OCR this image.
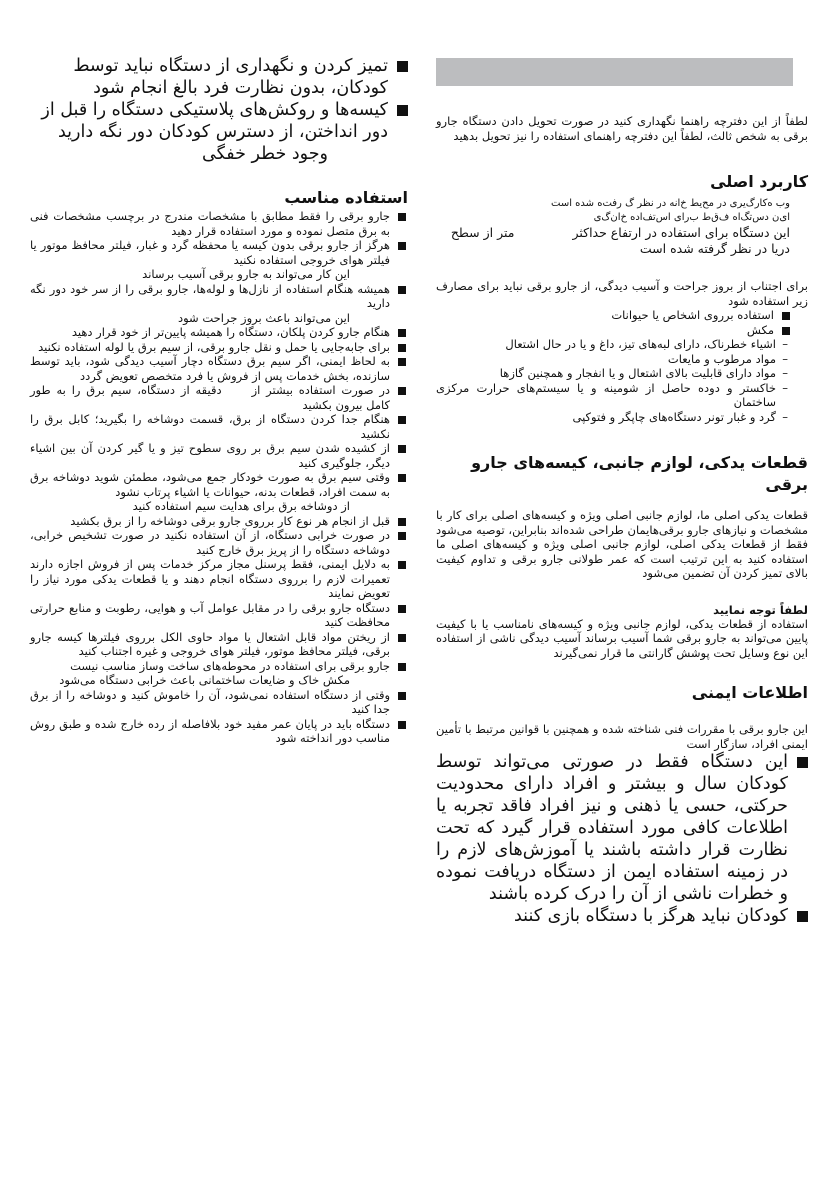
تمیز کردن و نگهداری از دستگاه نباید توسط کودکان، بدون نظارت فرد بالغ انجام شود
کیسه‌ها و روکش‌های پلاستیکی دستگاه را قبل از دور انداختن، از دسترس کودکان دور نگه دارید

وجود خطر خفگی

استفاده مناسب
جارو برقی را فقط مطابق با مشخصات مندرج در برچسب مشخصات فنی به برق متصل نموده و مورد استفاده قرار دهید
هرگز از جارو برقی بدون کیسه یا محفظه گرد و غبار، فیلتر محافظ موتور یا فیلتر هوای خروجی استفاده نکنید
این کار می‌تواند به جارو برقی آسیب برساند
همیشه هنگام استفاده از نازل‌ها و لوله‌ها، جارو برقی را از سر خود دور نگه دارید
این می‌تواند باعث بروز جراحت شود
هنگام جارو کردن پلکان، دستگاه را همیشه پایین‌تر از خود قرار دهید
برای جابه‌جایی یا حمل و نقل جارو برقی، از سیم برق یا لوله استفاده نکنید
به لحاظ ایمنی، اگر سیم برق دستگاه دچار آسیب دیدگی شود، باید توسط سازنده، بخش خدمات پس از فروش یا فرد متخصص تعویض گردد
در صورت استفاده بیشتر ازدقیقه از دستگاه، سیم برق را به طور کامل بیرون بکشید
هنگام جدا کردن دستگاه از برق، قسمت دوشاخه را بگیرید؛ کابل برق را نکشید
از کشیده شدن سیم برق بر روی سطوح تیز و یا گیر کردن آن بین اشیاء دیگر، جلوگیری کنید
وقتی سیم برق به صورت خودکار جمع می‌شود، مطمئن شوید دوشاخه برق به سمت افراد، قطعات بدنه، حیوانات یا اشیاء پرتاب نشود
از دوشاخه برق برای هدایت سیم استفاده کنید
قبل از انجام هر نوع کار برروی جارو برقی دوشاخه را از برق بکشید
در صورت خرابی دستگاه، از آن استفاده نکنید در صورت تشخیص خرابی، دوشاخه دستگاه را از پریز برق خارج کنید
به دلایل ایمنی، فقط پرسنل مجاز مرکز خدمات پس از فروش اجازه دارند تعمیرات لازم را برروی دستگاه انجام دهند و یا قطعات یدکی مورد نیاز را تعویض نمایند
دستگاه جارو برقی را در مقابل عوامل آب و هوایی، رطوبت و منابع حرارتی محافظت کنید
از ریختن مواد قابل اشتعال یا مواد حاوی الکل برروی فیلترها کیسه جارو برقی، فیلتر محافظ موتور، فیلتر هوای خروجی و غیره اجتناب کنید
جارو برقی برای استفاده در محوطه‌های ساخت وساز مناسب نیست
مکش خاک و ضایعات ساختمانی باعث خرابی دستگاه می‌شود
وقتی از دستگاه استفاده نمی‌شود، آن را خاموش کنید و دوشاخه را از برق جدا کنید
دستگاه باید در پایان عمر مفید خود بلافاصله از رده خارج شده و طبق روش مناسب دور انداخته شود

لطفاً از این دفترچه راهنما نگهداری کنید در صورت تحویل دادن دستگاه جارو برقی به شخص ثالث، لطفاً این دفترچه راهنمای استفاده را نیز تحویل بدهید

کاربرد اصلی

وب ه‌کارگ‌یری در مح‌یط خ‌انه در نظر گ رفت‌ه شده است

ای‌ن دس‌تگ‌اه ف‌ق‌ط ب‌رای اس‌تف‌اده خ‌ان‌گ‌ی

این دستگاه برای استفاده در ارتفاع حداکثرمتر از سطح

دریا در نظر گرفته شده است

برای اجتناب از بروز جراحت و آسیب دیدگی، از جارو برقی نباید برای مصارف زیر استفاده شود

استفاده برروی اشخاص یا حیوانات
مکش
– اشیاء خطرناک، دارای لبه‌های تیز، داغ و یا در حال اشتعال
– مواد مرطوب و مایعات
– مواد دارای قابلیت بالای اشتعال و یا انفجار و همچنین گازها
– خاکستر و دوده حاصل از شومینه و یا سیستم‌های حرارت مرکزی ساختمان
– گرد و غبار تونر دستگاه‌های چاپگر و فتوکپی
قطعات یدکی، لوازم جانبی، کیسه‌های جارو برقی

قطعات یدکی اصلی ما، لوازم جانبی اصلی ویژه و کیسه‌های اصلی برای کار با مشخصات و نیازهای جارو برقی‌هایمان طراحی شده‌اند بنابراین، توصیه می‌شود فقط از قطعات یدکی اصلی، لوازم جانبی اصلی ویژه و کیسه‌های اصلی ما استفاده کنید به این ترتیب است که عمر طولانی جارو برقی و تداوم کیفیت بالای تمیز کردن آن تضمین می‌شود

لطفاً توجه نمایید

استفاده از قطعات یدکی، لوازم جانبی ویژه و کیسه‌های نامناسب یا با کیفیت پایین می‌تواند به جارو برقی شما آسیب برساند آسیب دیدگی ناشی از استفاده این نوع وسایل تحت پوشش گارانتی ما قرار نمی‌گیرند

اطلاعات ایمنی

این جارو برقی با مقررات فنی شناخته شده و همچنین با قوانین مرتبط با تأمین ایمنی افراد، سازگار است

این دستگاه فقط در صورتی می‌تواند توسط کودکان سال و بیشتر و افراد دارای محدودیت حرکتی، حسی یا ذهنی و نیز افراد فاقد تجربه یا اطلاعات کافی مورد استفاده قرار گیرد که تحت نظارت قرار داشته باشند یا آموزش‌های لازم را در زمینه استفاده ایمن از دستگاه دریافت نموده و خطرات ناشی از آن را درک کرده باشند
کودکان نباید هرگز با دستگاه بازی کنند
